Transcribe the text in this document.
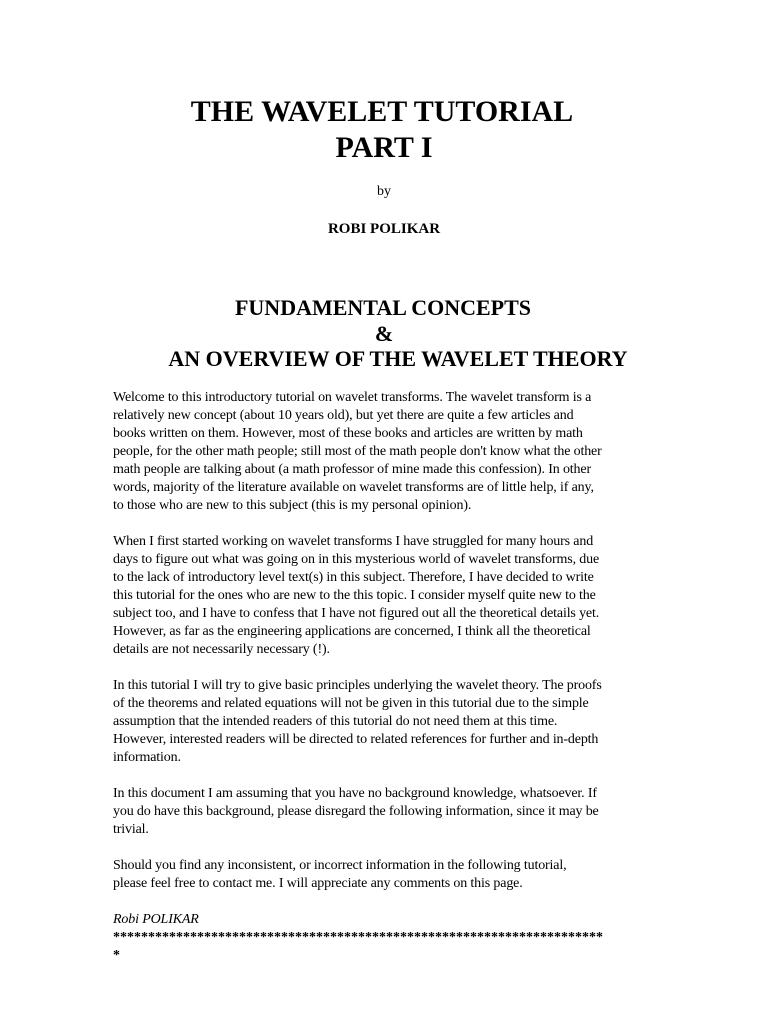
THE WAVELET TUTORIAL
PART I
by
ROBI POLIKAR
FUNDAMENTAL CONCEPTS
&
AN OVERVIEW OF THE WAVELET THEORY

Welcome to this introductory tutorial on wavelet transforms. The wavelet transform is a
relatively new concept (about 10 years old), but yet there are quite a few articles and
books written on them. However, most of these books and articles are written by math
people, for the other math people; still most of the math people don't know what the other
math people are talking about (a math professor of mine made this confession). In other
words, majority of the literature available on wavelet transforms are of little help, if any,
to those who are new to this subject (this is my personal opinion).

When I first started working on wavelet transforms I have struggled for many hours and
days to figure out what was going on in this mysterious world of wavelet transforms, due
to the lack of introductory level text(s) in this subject. Therefore, I have decided to write
this tutorial for the ones who are new to the this topic. I consider myself quite new to the
subject too, and I have to confess that I have not figured out all the theoretical details yet.
However, as far as the engineering applications are concerned, I think all the theoretical
details are not necessarily necessary (!).

In this tutorial I will try to give basic principles underlying the wavelet theory. The proofs
of the theorems and related equations will not be given in this tutorial due to the simple
assumption that the intended readers of this tutorial do not need them at this time.
However, interested readers will be directed to related references for further and in-depth
information.

In this document I am assuming that you have no background knowledge, whatsoever. If
you do have this background, please disregard the following information, since it may be
trivial.

Should you find any inconsistent, or incorrect information in the following tutorial,
please feel free to contact me. I will appreciate any comments on this page.

Robi POLIKAR

**********************************************************************

*
